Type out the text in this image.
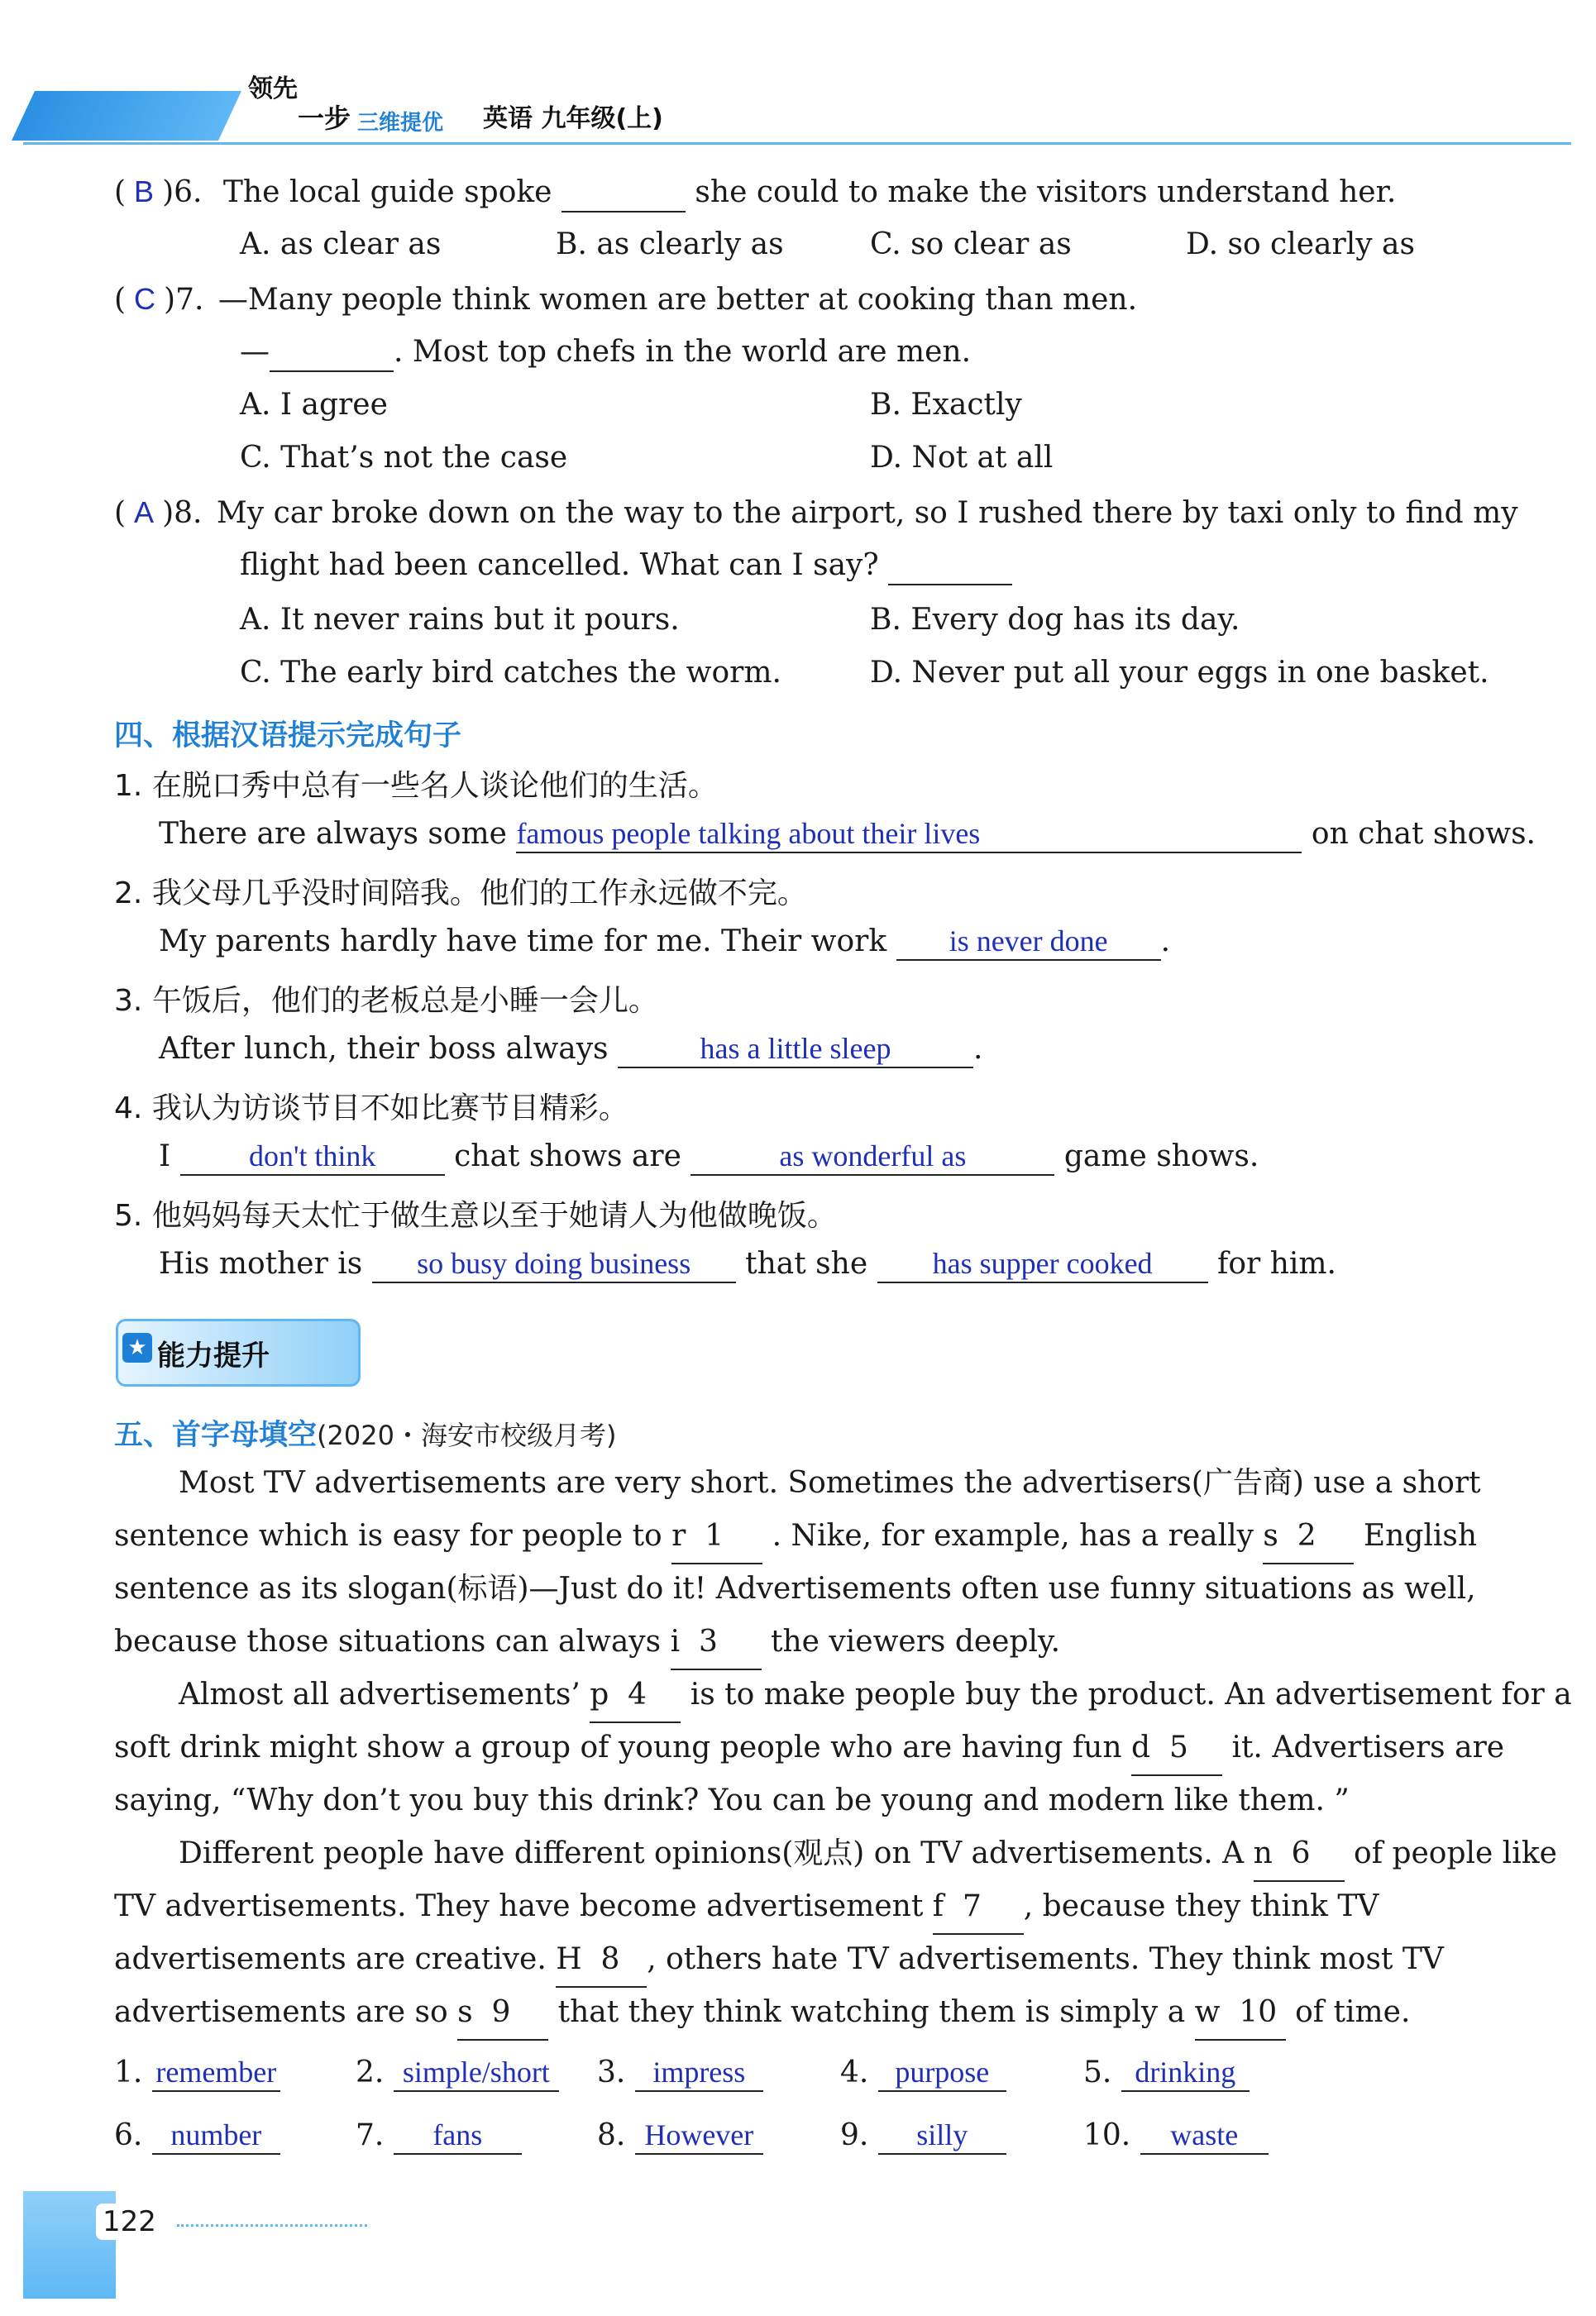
领先
一步 三维提优 英语 九年级(上)
( B )6. The local guide spoke	she could to make the visitors understand her.
A. as clear as	B. as clearly as	C. so clear as	D. so clearly as
( C )7. —Many people think women are better at cooking than men.
—	. Most top chefs in the world are men.
A. I agree	B. Exactly
C. That’s not the case	D. Not at all
( A )8. My car broke down on the way to the airport, so I rushed there by taxi only to find my
flight had been cancelled. What can I say?
A. It never rains but it pours.	B. Every dog has its day.
C. The early bird catches the worm.	D. Never put all your eggs in one basket.
四、根据汉语提示完成句子
1. 在脱口秀中总有一些名人谈论他们的生活。
There are always some famous people talking about their lives	on chat shows.
2. 我父母几乎没时间陪我。他们的工作永远做不完。
My parents hardly have time for me. Their work is never done .
3. 午饭后，他们的老板总是小睡一会儿。
After lunch, their boss always	has a little sleep	.
4. 我认为访谈节目不如比赛节目精彩。
I	don't think	chat shows are	as wonderful as	game shows.
5. 他妈妈每天太忙于做生意以至于她请人为他做晚饭。
His mother is so busy doing business that she has supper cooked for him.
★ 能力提升
五、首字母填空(2020・海安市校级月考)
Most TV advertisements are very short. Sometimes the advertisers(广告商) use a short
sentence which is easy for people to r 1 . Nike, for example, has a really s 2 English
sentence as its slogan(标语)—Just do it! Advertisements often use funny situations as well,
because those situations can always i 3 the viewers deeply.
Almost all advertisements’ p 4 is to make people buy the product. An advertisement for a
soft drink might show a group of young people who are having fun d 5 it. Advertisers are
saying, “Why don’t you buy this drink? You can be young and modern like them. ”
Different people have different opinions(观点) on TV advertisements. A n 6 of people like
TV advertisements. They have become advertisement f 7 , because they think TV
advertisements are creative. H 8 , others hate TV advertisements. They think most TV
advertisements are so s 9 that they think watching them is simply a w 10 of time.
1. remember	2. simple/short	3. impress	4. purpose	5. drinking
6. number	7. fans	8. However	9. silly	10. waste
122
